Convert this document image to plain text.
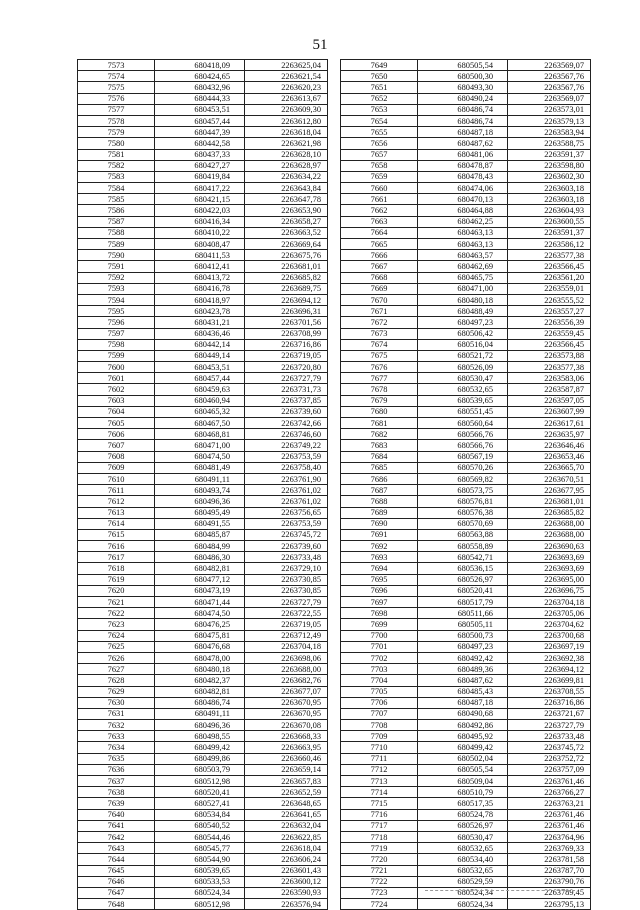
51
7573	680418,09	2263625,04
7574	680424,65	2263621,54
7575	680432,96	2263620,23
7576	680444,33	2263613,67
7577	680453,51	2263609,30
7578	680457,44	2263612,80
7579	680447,39	2263618,04
7580	680442,58	2263621,98
7581	680437,33	2263628,10
7582	680427,27	2263628,97
7583	680419,84	2263634,22
7584	680417,22	2263643,84
7585	680421,15	2263647,78
7586	680422,03	2263653,90
7587	680416,34	2263658,27
7588	680410,22	2263663,52
7589	680408,47	2263669,64
7590	680411,53	2263675,76
7591	680412,41	2263681,01
7592	680413,72	2263685,82
7593	680416,78	2263689,75
7594	680418,97	2263694,12
7595	680423,78	2263696,31
7596	680431,21	2263701,56
7597	680436,46	2263708,99
7598	680442,14	2263716,86
7599	680449,14	2263719,05
7600	680453,51	2263720,80
7601	680457,44	2263727,79
7602	680459,63	2263731,73
7603	680460,94	2263737,85
7604	680465,32	2263739,60
7605	680467,50	2263742,66
7606	680468,81	2263746,60
7607	680471,00	2263749,22
7608	680474,50	2263753,59
7609	680481,49	2263758,40
7610	680491,11	2263761,90
7611	680493,74	2263761,02
7612	680496,36	2263761,02
7613	680495,49	2263756,65
7614	680491,55	2263753,59
7615	680485,87	2263745,72
7616	680484,99	2263739,60
7617	680486,30	2263733,48
7618	680482,81	2263729,10
7619	680477,12	2263730,85
7620	680473,19	2263730,85
7621	680471,44	2263727,79
7622	680474,50	2263722,55
7623	680476,25	2263719,05
7624	680475,81	2263712,49
7625	680476,68	2263704,18
7626	680478,00	2263698,06
7627	680480,18	2263688,00
7628	680482,37	2263682,76
7629	680482,81	2263677,07
7630	680486,74	2263670,95
7631	680491,11	2263670,95
7632	680496,36	2263670,08
7633	680498,55	2263668,33
7634	680499,42	2263663,95
7635	680499,86	2263660,46
7636	680503,79	2263659,14
7637	680512,98	2263657,83
7638	680520,41	2263652,59
7639	680527,41	2263648,65
7640	680534,84	2263641,65
7641	680540,52	2263632,04
7642	680544,46	2263622,85
7643	680545,77	2263618,04
7644	680544,90	2263606,24
7645	680539,65	2263601,43
7646	680533,53	2263600,12
7647	680524,34	2263590,93
7648	680512,98	2263576,94
7649	680505,54	2263569,07
7650	680500,30	2263567,76
7651	680493,30	2263567,76
7652	680490,24	2263569,07
7653	680486,74	2263573,01
7654	680486,74	2263579,13
7655	680487,18	2263583,94
7656	680487,62	2263588,75
7657	680481,06	2263591,37
7658	680478,87	2263598,80
7659	680478,43	2263602,30
7660	680474,06	2263603,18
7661	680470,13	2263603,18
7662	680464,88	2263604,93
7663	680462,25	2263600,55
7664	680463,13	2263591,37
7665	680463,13	2263586,12
7666	680463,57	2263577,38
7667	680462,69	2263566,45
7668	680465,75	2263561,20
7669	680471,00	2263559,01
7670	680480,18	2263555,52
7671	680488,49	2263557,27
7672	680497,23	2263556,39
7673	680506,42	2263559,45
7674	680516,04	2263566,45
7675	680521,72	2263573,88
7676	680526,09	2263577,38
7677	680530,47	2263583,06
7678	680532,65	2263587,87
7679	680539,65	2263597,05
7680	680551,45	2263607,99
7681	680560,64	2263617,61
7682	680566,76	2263635,97
7683	680566,76	2263646,46
7684	680567,19	2263653,46
7685	680570,26	2263665,70
7686	680569,82	2263670,51
7687	680573,75	2263677,95
7688	680576,81	2263681,01
7689	680576,38	2263685,82
7690	680570,69	2263688,00
7691	680563,88	2263688,00
7692	680558,89	2263690,63
7693	680542,71	2263693,69
7694	680536,15	2263693,69
7695	680526,97	2263695,00
7696	680520,41	2263696,75
7697	680517,79	2263704,18
7698	680511,66	2263705,06
7699	680505,11	2263704,62
7700	680500,73	2263700,68
7701	680497,23	2263697,19
7702	680492,42	2263692,38
7703	680489,36	2263694,12
7704	680487,62	2263699,81
7705	680485,43	2263708,55
7706	680487,18	2263716,86
7707	680490,68	2263721,67
7708	680492,86	2263727,79
7709	680495,92	2263733,48
7710	680499,42	2263745,72
7711	680502,04	2263752,72
7712	680505,54	2263757,09
7713	680509,04	2263761,46
7714	680510,79	2263766,27
7715	680517,35	2263763,21
7716	680524,78	2263761,46
7717	680526,97	2263761,46
7718	680530,47	2263764,96
7719	680532,65	2263769,33
7720	680534,40	2263781,58
7721	680532,65	2263787,70
7722	680529,59	2263790,76
7723	680524,34	2263789,45
7724	680524,34	2263795,13
